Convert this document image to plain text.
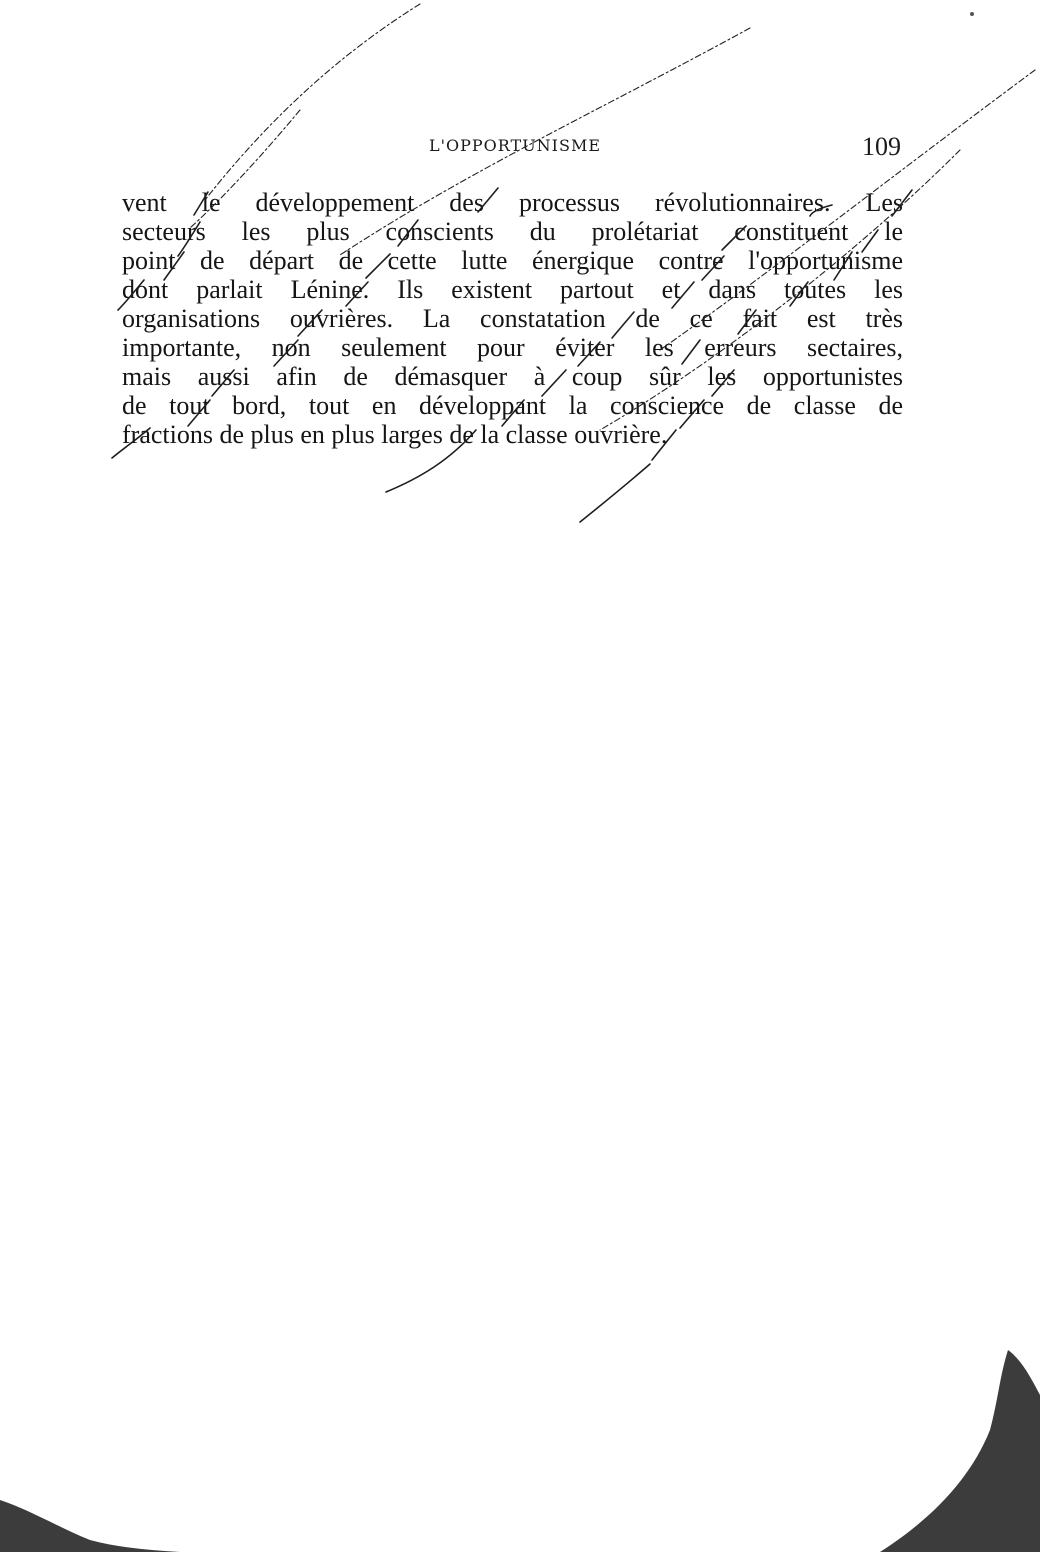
L'OPPORTUNISME	109
vent le développement des processus révolutionnaires. Les
secteurs les plus conscients du prolétariat constituent le
point de départ de cette lutte énergique contre l'opportunisme
dont parlait Lénine. Ils existent partout et dans toutes les
organisations ouvrières. La constatation de ce fait est très
importante, non seulement pour éviter les erreurs sectaires,
mais aussi afin de démasquer à coup sûr les opportunistes
de tout bord, tout en développant la conscience de classe de
fractions de plus en plus larges de la classe ouvrière.
